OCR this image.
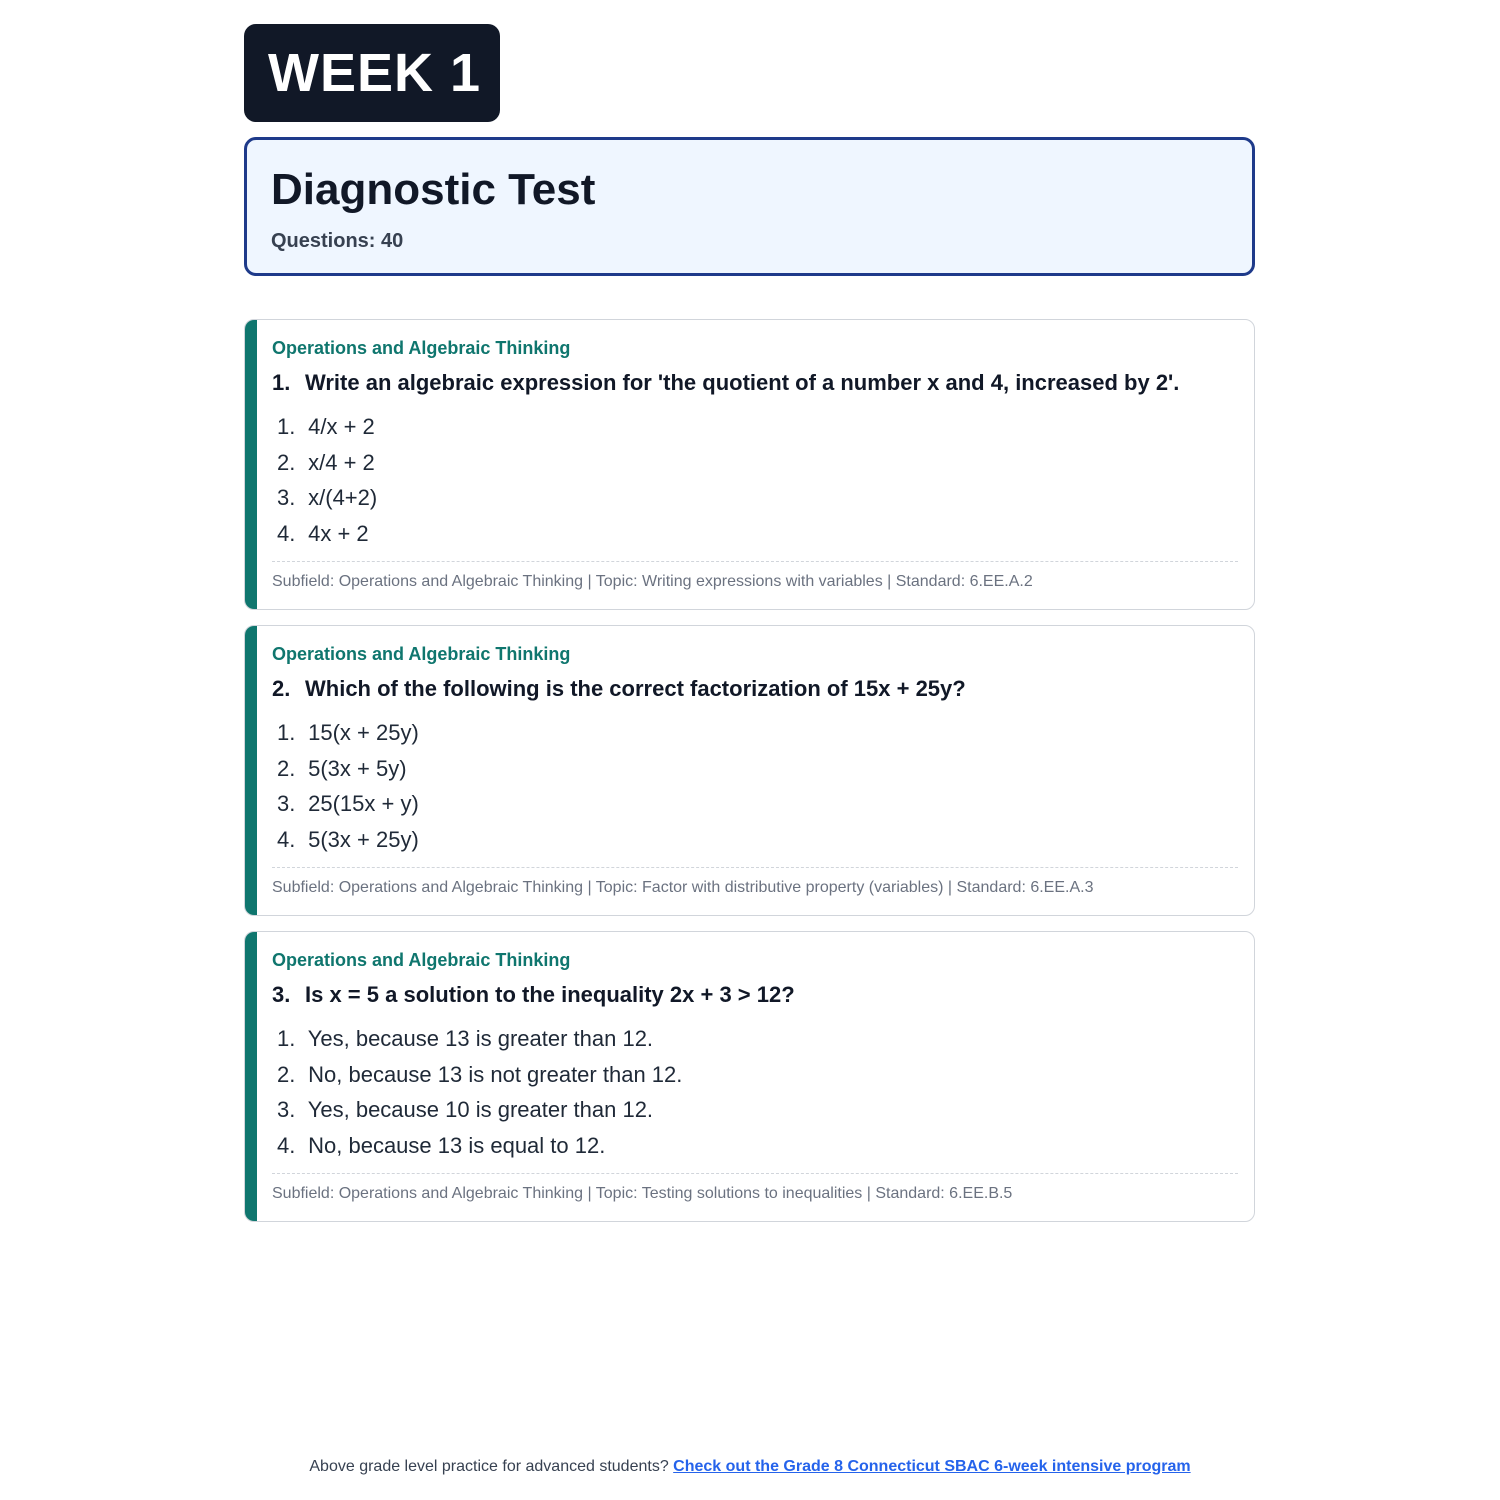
WEEK 1
Diagnostic Test
Questions: 40
Operations and Algebraic Thinking
1. Write an algebraic expression for 'the quotient of a number x and 4, increased by 2'.
1. 4/x + 2
2. x/4 + 2
3. x/(4+2)
4. 4x + 2
Subfield: Operations and Algebraic Thinking | Topic: Writing expressions with variables | Standard: 6.EE.A.2
Operations and Algebraic Thinking
2. Which of the following is the correct factorization of 15x + 25y?
1. 15(x + 25y)
2. 5(3x + 5y)
3. 25(15x + y)
4. 5(3x + 25y)
Subfield: Operations and Algebraic Thinking | Topic: Factor with distributive property (variables) | Standard: 6.EE.A.3
Operations and Algebraic Thinking
3. Is x = 5 a solution to the inequality 2x + 3 > 12?
1. Yes, because 13 is greater than 12.
2. No, because 13 is not greater than 12.
3. Yes, because 10 is greater than 12.
4. No, because 13 is equal to 12.
Subfield: Operations and Algebraic Thinking | Topic: Testing solutions to inequalities | Standard: 6.EE.B.5
Above grade level practice for advanced students? Check out the Grade 8 Connecticut SBAC 6-week intensive program
